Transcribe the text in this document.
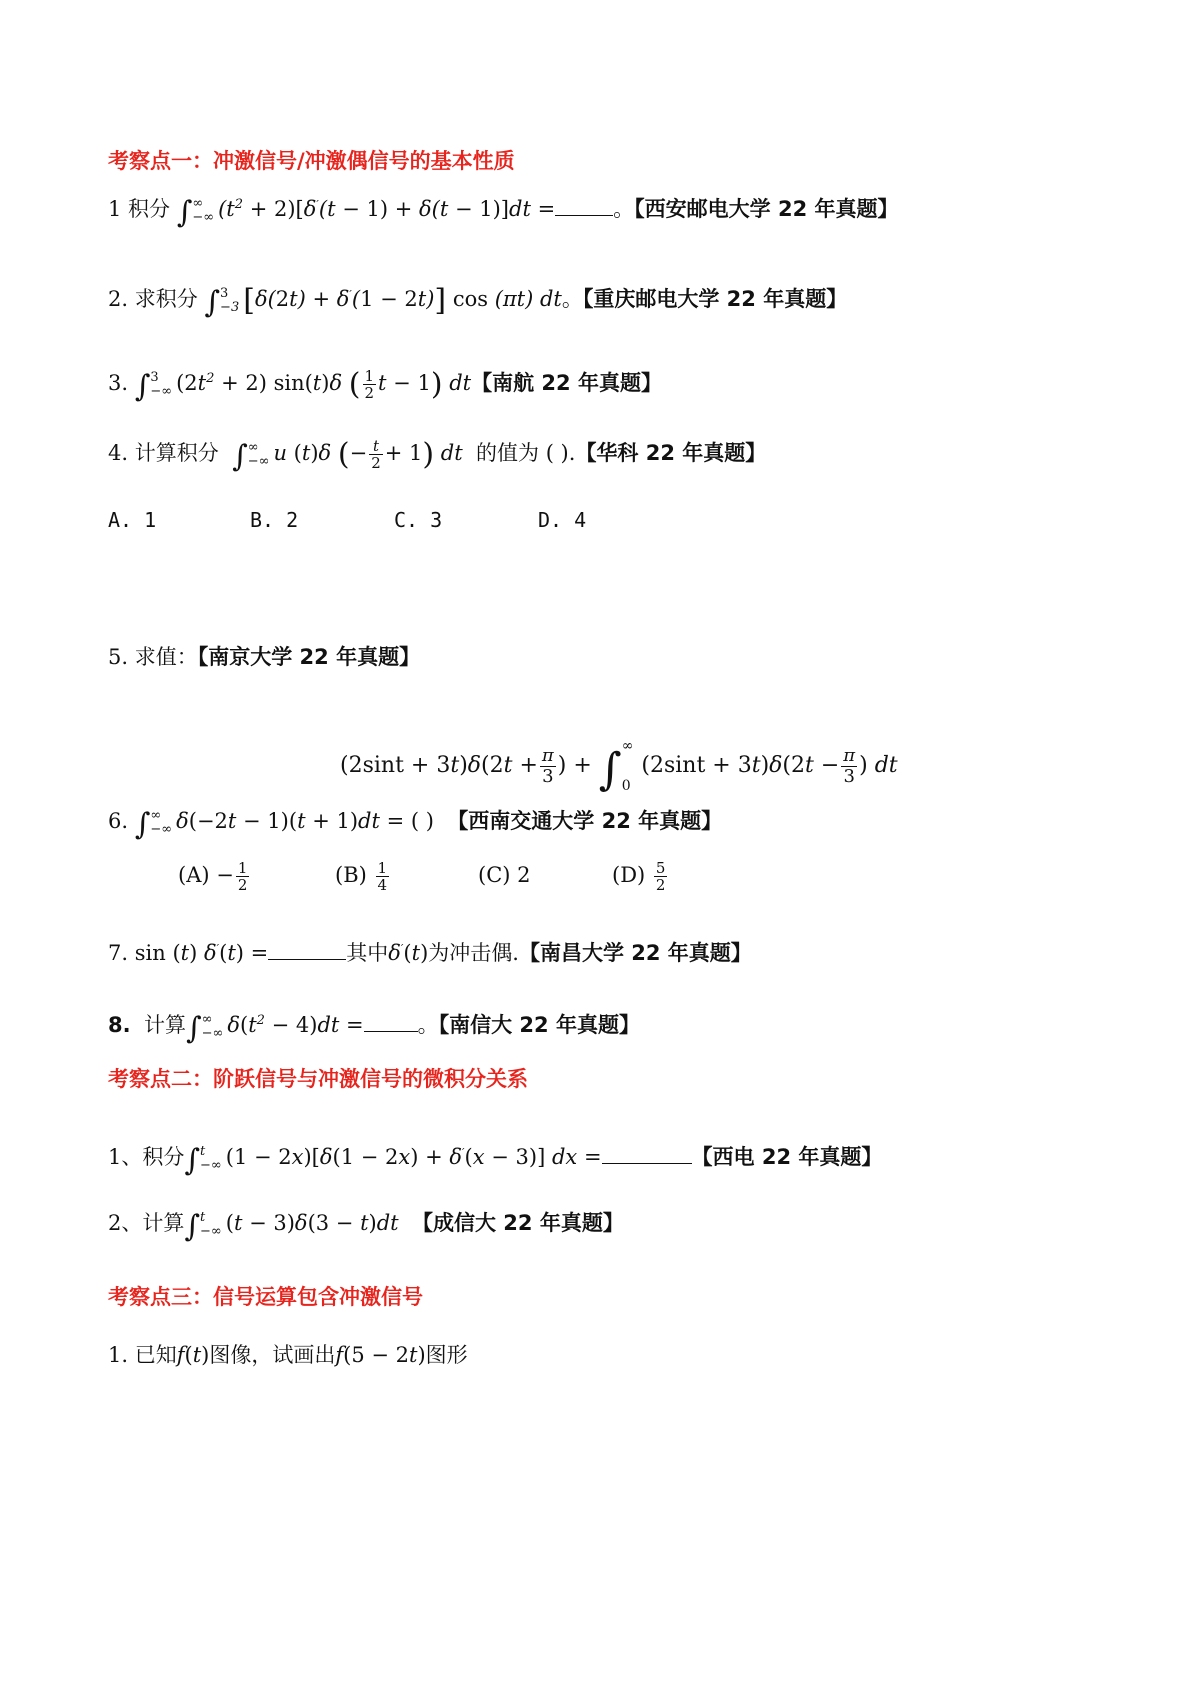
考察点一：冲激信号/冲激偶信号的基本性质
1 积分 ∫ ∞
−∞ $(t^2 + 2)[\delta'(t - 1) + \delta(t - 1)]dt$ =	。【西安邮电大学 22 年真题】
2. 求积分 ∫ 3
−3 [δ(2t) + δ′(1 − 2t)] cos (πt) dt。【重庆邮电大学 22 年真题】
3. ∫ 3
−∞ $(2t^2 + 2)$ sin(t)δ ( $\frac{1}{2}$ t − 1) dt【南航 22 年真题】
4. 计算积分 ∫ ∞
−∞ u (t)δ (− $\frac{t}{2} + 1$) dt 的值为 ( ).【华科 22 年真题】
A. 1	B. 2	C. 3	D. 4
5. 求值：【南京大学 22 年真题】
$(2\sin t + 3t)\delta(2t + \frac{\pi}{3}$ ) + ∫ ∞
0
$(2\sin t + 3t)\delta(2t - \frac{\pi}{3}$ ) dt
6. ∫ ∞
−∞ δ(−2t − 1)(t + 1)dt = ( ) 【西南交通大学 22 年真题】
$(A) - \frac{1}{2}$	$(B) \frac{1}{4}$	(C) 2	$(D) \frac{5}{2}$
7. sin (t) δ′(t) =	其中δ′(t)为冲击偶.【南昌大学 22 年真题】
8. 计算∫ ∞
−∞ $\delta(t^2 - 4)dt$ =	。【南信大 22 年真题】
考察点二：阶跃信号与冲激信号的微积分关系
1、积分∫ t
−∞ (1 − 2x)[δ(1 − 2x) + δ′(x − 3)] dx =	【西电 22 年真题】
2、计算∫ t
−∞ (t − 3)δ(3 − t)dt 【成信大 22 年真题】
考察点三：信号运算包含冲激信号
1. 已知f(t)图像，试画出f(5 − 2t)图形
